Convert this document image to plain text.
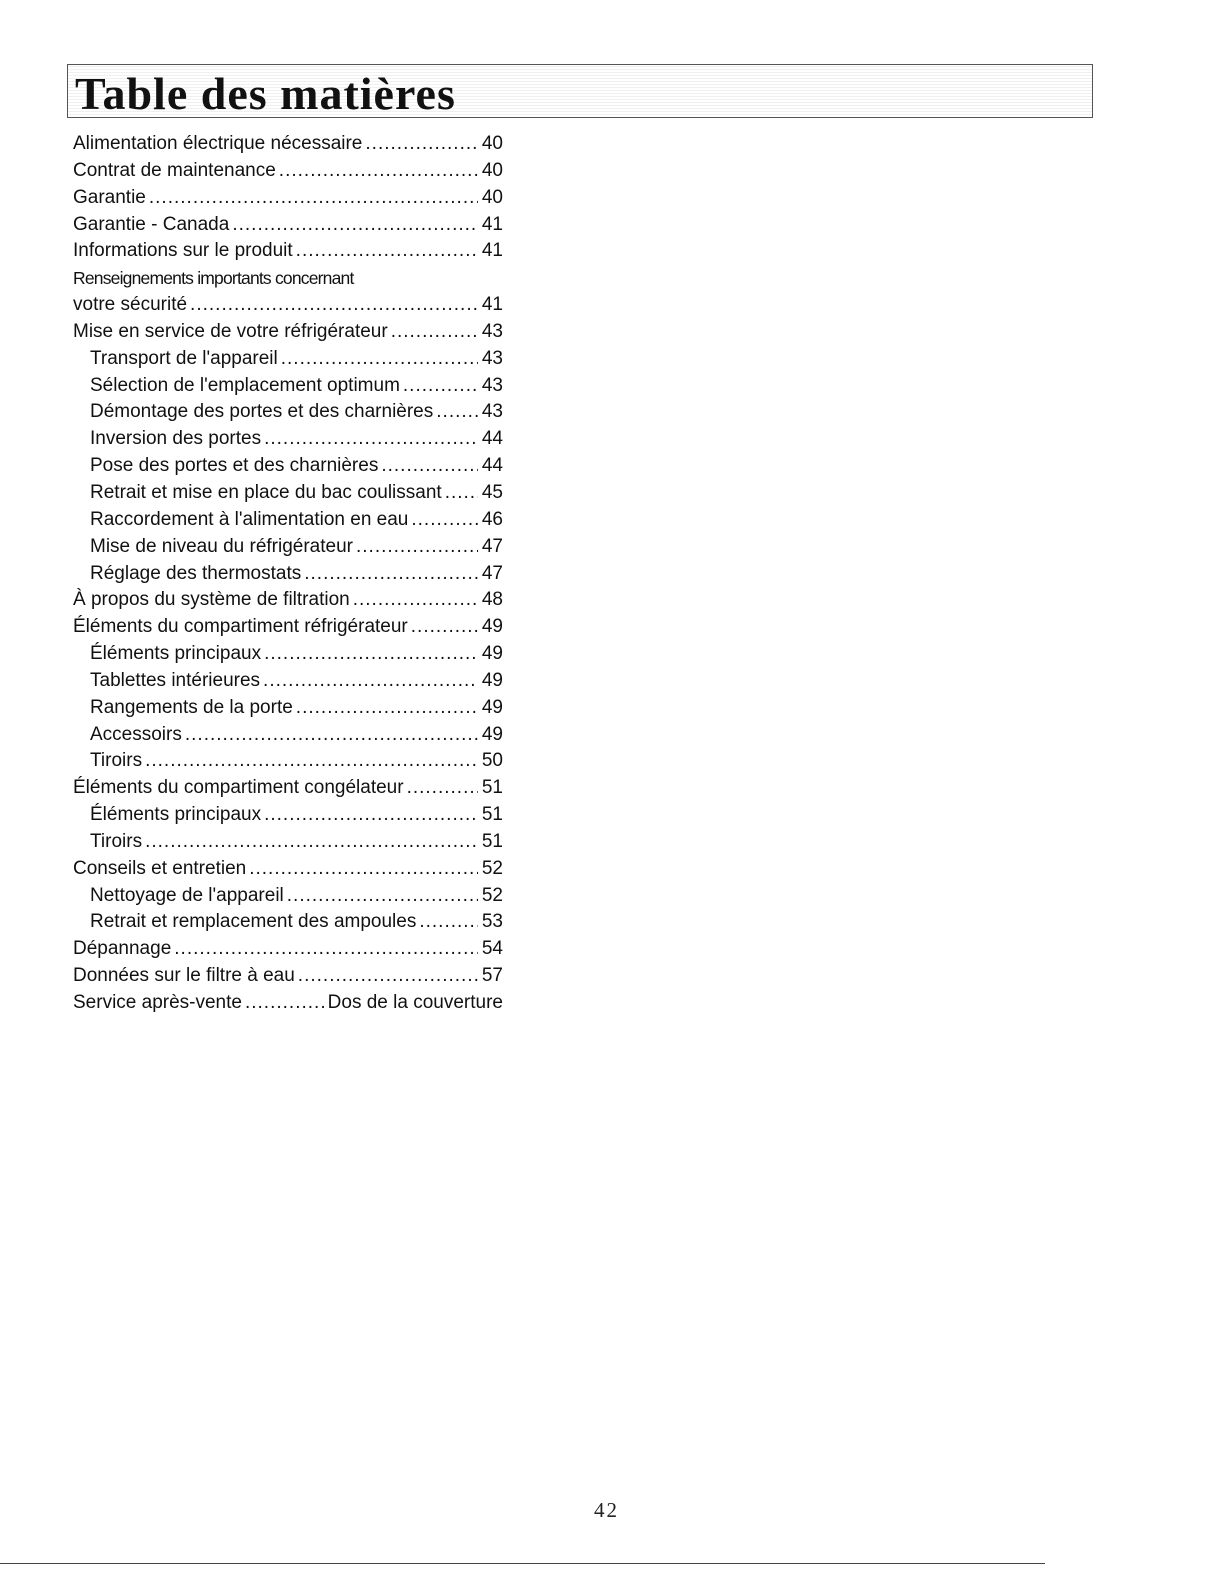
Table des matières
Alimentation électrique nécessaire .....	40
Contrat de maintenance .....	40
Garantie .....	40
Garantie - Canada .....	41
Informations sur le produit .....	41
Renseignements importants concernant
votre sécurité .....	41
Mise en service de votre réfrigérateur .....	43
Transport de l'appareil .....	43
Sélection de l'emplacement optimum .....	43
Démontage des portes et des charnières .....	43
Inversion des portes .....	44
Pose des portes et des charnières .....	44
Retrait et mise en place du bac coulissant ..... 45
Raccordement à l'alimentation en eau .....	46
Mise de niveau du réfrigérateur .....	47
Réglage des thermostats .....	47
À propos du système de filtration .....	48
Éléments du compartiment réfrigérateur .....	49
Éléments principaux .....	49
Tablettes intérieures .....	49
Rangements de la porte .....	49
Accessoirs .....	49
Tiroirs .....	50
Éléments du compartiment congélateur .....	51
Éléments principaux .....	51
Tiroirs .....	51
Conseils et entretien .....	52
Nettoyage de l'appareil .....	52
Retrait et remplacement des ampoules .....	53
Dépannage .....	54
Données sur le filtre à eau .....	57
Service après-vente .....	Dos de la couverture
42
